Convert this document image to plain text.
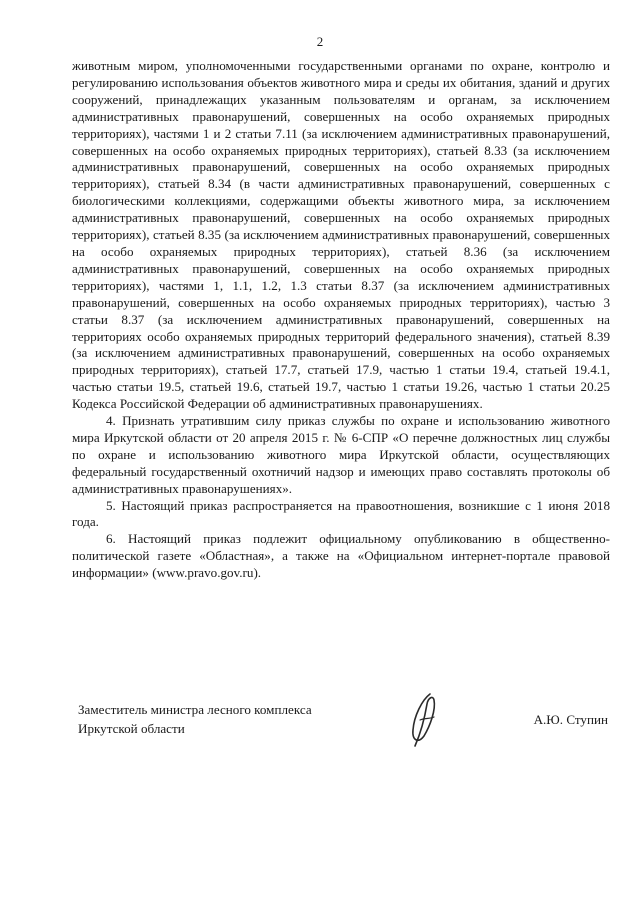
2

животным миром, уполномоченными государственными органами по охране, контролю и регулированию использования объектов животного мира и среды их обитания, зданий и других сооружений, принадлежащих указанным пользователям и органам, за исключением административных правонарушений, совершенных на особо охраняемых природных территориях), частями 1 и 2 статьи 7.11 (за исключением административных правонарушений, совершенных на особо охраняемых природных территориях), статьей 8.33 (за исключением административных правонарушений, совершенных на особо охраняемых природных территориях), статьей 8.34 (в части административных правонарушений, совершенных с биологическими коллекциями, содержащими объекты животного мира, за исключением административных правонарушений, совершенных на особо охраняемых природных территориях), статьей 8.35 (за исключением административных правонарушений, совершенных на особо охраняемых природных территориях), статьей 8.36 (за исключением административных правонарушений, совершенных на особо охраняемых природных территориях), частями 1, 1.1, 1.2, 1.3 статьи 8.37 (за исключением административных правонарушений, совершенных на особо охраняемых природных территориях), частью 3 статьи 8.37 (за исключением административных правонарушений, совершенных на территориях особо охраняемых природных территорий федерального значения), статьей 8.39 (за исключением административных правонарушений, совершенных на особо охраняемых природных территориях), статьей 17.7, статьей 17.9, частью 1 статьи 19.4, статьей 19.4.1, частью статьи 19.5, статьей 19.6, статьей 19.7, частью 1 статьи 19.26, частью 1 статьи 20.25 Кодекса Российской Федерации об административных правонарушениях.

4. Признать утратившим силу приказ службы по охране и использованию животного мира Иркутской области от 20 апреля 2015 г. № 6-СПР «О перечне должностных лиц службы по охране и использованию животного мира Иркутской области, осуществляющих федеральный государственный охотничий надзор и имеющих право составлять протоколы об административных правонарушениях».

5. Настоящий приказ распространяется на правоотношения, возникшие с 1 июня 2018 года.

6. Настоящий приказ подлежит официальному опубликованию в общественно-политической газете «Областная», а также на «Официальном интернет-портале правовой информации» (www.pravo.gov.ru).

Заместитель министра лесного комплекса Иркутской области
А.Ю. Ступин
